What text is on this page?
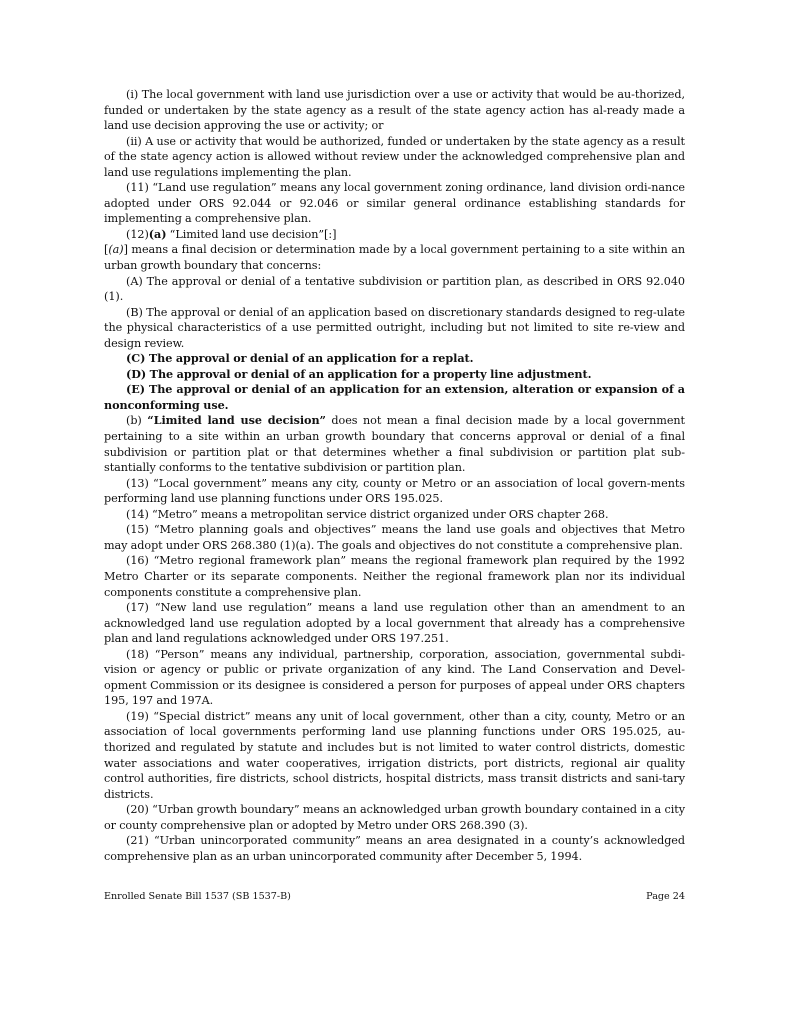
(i) The local government with land use jurisdiction over a use or activity that would be au-thorized, funded or undertaken by the state agency as a result of the state agency action has al-ready made a land use decision approving the use or activity; or

(ii) A use or activity that would be authorized, funded or undertaken by the state agency as a result of the state agency action is allowed without review under the acknowledged comprehensive plan and land use regulations implementing the plan.

(11) “Land use regulation” means any local government zoning ordinance, land division ordi-nance adopted under ORS 92.044 or 92.046 or similar general ordinance establishing standards for implementing a comprehensive plan.

(12)(a) “Limited land use decision”[:]

[(a)] means a final decision or determination made by a local government pertaining to a site within an urban growth boundary that concerns:

(A) The approval or denial of a tentative subdivision or partition plan, as described in ORS 92.040 (1).

(B) The approval or denial of an application based on discretionary standards designed to reg-ulate the physical characteristics of a use permitted outright, including but not limited to site re-view and design review.

(C) The approval or denial of an application for a replat.

(D) The approval or denial of an application for a property line adjustment.

(E) The approval or denial of an application for an extension, alteration or expansion of a nonconforming use.

(b) “Limited land use decision” does not mean a final decision made by a local government pertaining to a site within an urban growth boundary that concerns approval or denial of a final subdivision or partition plat or that determines whether a final subdivision or partition plat sub-stantially conforms to the tentative subdivision or partition plan.

(13) “Local government” means any city, county or Metro or an association of local govern-ments performing land use planning functions under ORS 195.025.

(14) “Metro” means a metropolitan service district organized under ORS chapter 268.

(15) “Metro planning goals and objectives” means the land use goals and objectives that Metro may adopt under ORS 268.380 (1)(a). The goals and objectives do not constitute a comprehensive plan.

(16) “Metro regional framework plan” means the regional framework plan required by the 1992 Metro Charter or its separate components. Neither the regional framework plan nor its individual components constitute a comprehensive plan.

(17) “New land use regulation” means a land use regulation other than an amendment to an acknowledged land use regulation adopted by a local government that already has a comprehensive plan and land regulations acknowledged under ORS 197.251.

(18) “Person” means any individual, partnership, corporation, association, governmental subdi-vision or agency or public or private organization of any kind. The Land Conservation and Devel-opment Commission or its designee is considered a person for purposes of appeal under ORS chapters 195, 197 and 197A.

(19) “Special district” means any unit of local government, other than a city, county, Metro or an association of local governments performing land use planning functions under ORS 195.025, au-thorized and regulated by statute and includes but is not limited to water control districts, domestic water associations and water cooperatives, irrigation districts, port districts, regional air quality control authorities, fire districts, school districts, hospital districts, mass transit districts and sani-tary districts.

(20) “Urban growth boundary” means an acknowledged urban growth boundary contained in a city or county comprehensive plan or adopted by Metro under ORS 268.390 (3).

(21) “Urban unincorporated community” means an area designated in a county’s acknowledged comprehensive plan as an urban unincorporated community after December 5, 1994.

Enrolled Senate Bill 1537 (SB 1537-B)	Page 24
